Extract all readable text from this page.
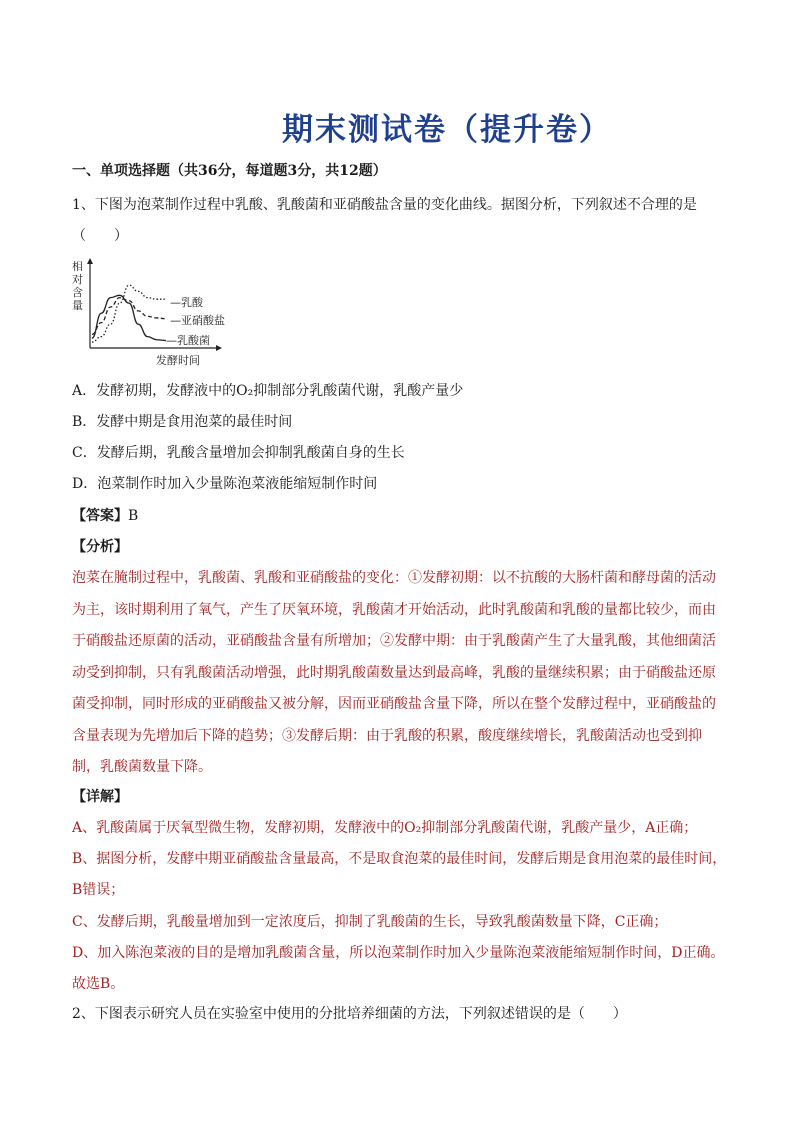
期末测试卷（提升卷）
一、单项选择题（共36分，每道题3分，共12题）
1、下图为泡菜制作过程中乳酸、乳酸菌和亚硝酸盐含量的变化曲线。据图分析，下列叙述不合理的是
（　　）
相
对
含
量	—乳酸
—亚硝酸盐
—乳酸菌
发酵时间
A．发酵初期，发酵液中的O₂抑制部分乳酸菌代谢，乳酸产量少
B．发酵中期是食用泡菜的最佳时间
C．发酵后期，乳酸含量增加会抑制乳酸菌自身的生长
D．泡菜制作时加入少量陈泡菜液能缩短制作时间
【答案】B
【分析】
泡菜在腌制过程中，乳酸菌、乳酸和亚硝酸盐的变化：①发酵初期：以不抗酸的大肠杆菌和酵母菌的活动为主，该时期利用了氧气，产生了厌氧环境，乳酸菌才开始活动，此时乳酸菌和乳酸的量都比较少，而由于硝酸盐还原菌的活动，亚硝酸盐含量有所增加；②发酵中期：由于乳酸菌产生了大量乳酸，其他细菌活动受到抑制，只有乳酸菌活动增强，此时期乳酸菌数量达到最高峰，乳酸的量继续积累；由于硝酸盐还原菌受抑制，同时形成的亚硝酸盐又被分解，因而亚硝酸盐含量下降，所以在整个发酵过程中，亚硝酸盐的含量表现为先增加后下降的趋势；③发酵后期：由于乳酸的积累，酸度继续增长，乳酸菌活动也受到抑制，乳酸菌数量下降。
【详解】
A、乳酸菌属于厌氧型微生物，发酵初期，发酵液中的O₂抑制部分乳酸菌代谢，乳酸产量少，A正确；
B、据图分析，发酵中期亚硝酸盐含量最高，不是取食泡菜的最佳时间，发酵后期是食用泡菜的最佳时间，
B错误；
C、发酵后期，乳酸量增加到一定浓度后，抑制了乳酸菌的生长，导致乳酸菌数量下降，C正确；
D、加入陈泡菜液的目的是增加乳酸菌含量，所以泡菜制作时加入少量陈泡菜液能缩短制作时间，D正确。
故选B。
2、下图表示研究人员在实验室中使用的分批培养细菌的方法，下列叙述错误的是（　　）
